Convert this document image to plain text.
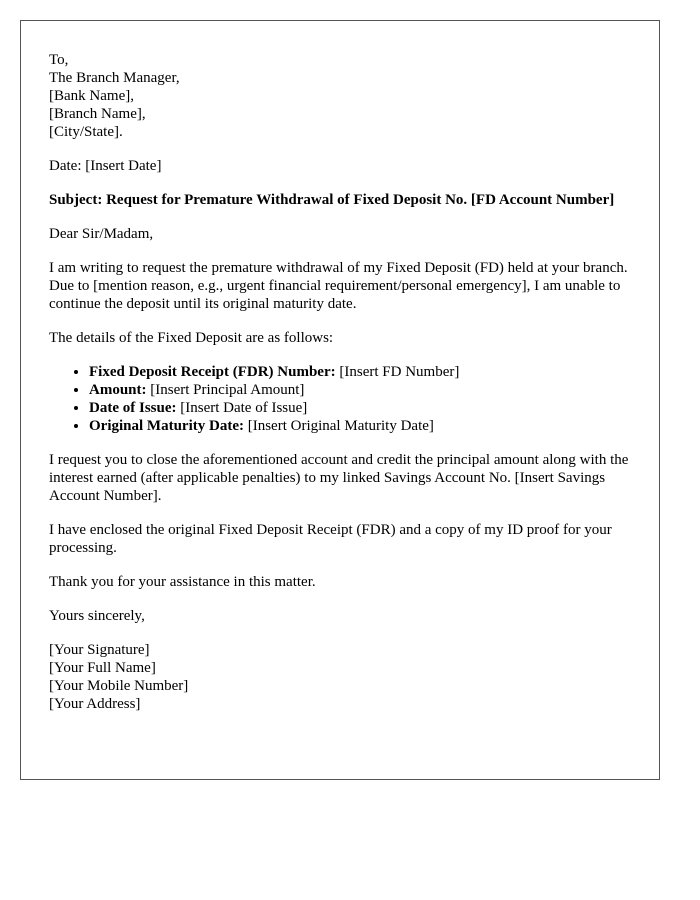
To,
The Branch Manager,
[Bank Name],
[Branch Name],
[City/State].

Date: [Insert Date]

Subject: Request for Premature Withdrawal of Fixed Deposit No. [FD Account Number]

Dear Sir/Madam,

I am writing to request the premature withdrawal of my Fixed Deposit (FD) held at your branch. Due to [mention reason, e.g., urgent financial requirement/personal emergency], I am unable to continue the deposit until its original maturity date.

The details of the Fixed Deposit are as follows:

• Fixed Deposit Receipt (FDR) Number: [Insert FD Number]
• Amount: [Insert Principal Amount]
• Date of Issue: [Insert Date of Issue]
• Original Maturity Date: [Insert Original Maturity Date]

I request you to close the aforementioned account and credit the principal amount along with the interest earned (after applicable penalties) to my linked Savings Account No. [Insert Savings Account Number].

I have enclosed the original Fixed Deposit Receipt (FDR) and a copy of my ID proof for your processing.

Thank you for your assistance in this matter.

Yours sincerely,

[Your Signature]
[Your Full Name]
[Your Mobile Number]
[Your Address]
